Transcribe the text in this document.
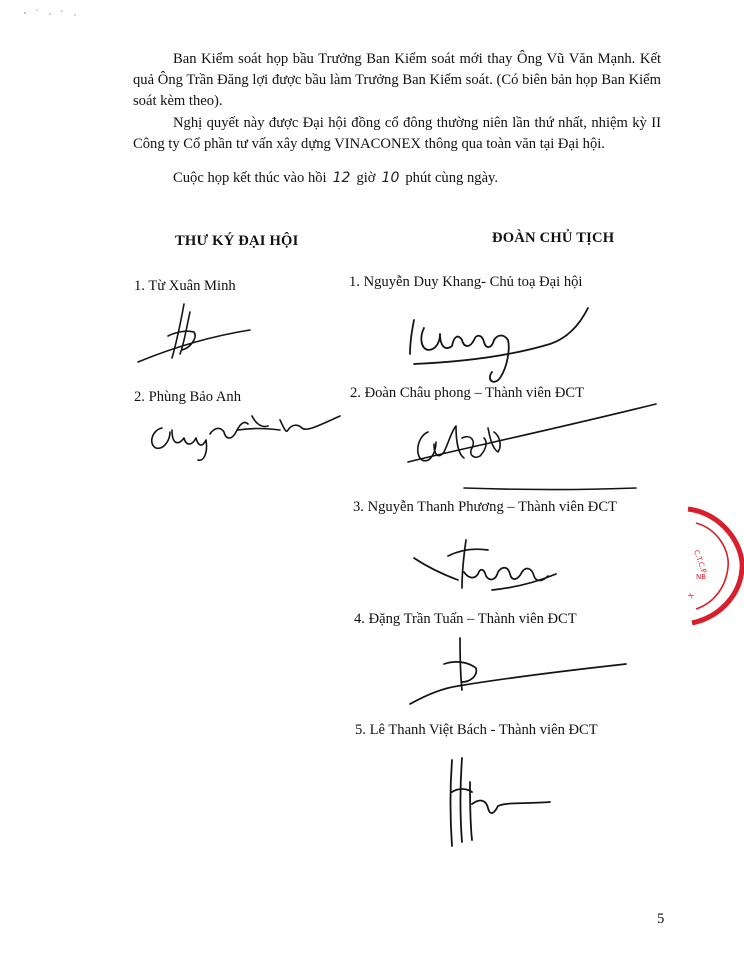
Ban Kiểm soát họp bầu Trưởng Ban Kiểm soát mới thay Ông Vũ Văn Mạnh. Kết quả Ông Trần Đăng lợi được bầu làm Trưởng Ban Kiểm soát. (Có biên bản họp Ban Kiểm soát kèm theo).

Nghị quyết này được Đại hội đồng cổ đông thường niên lần thứ nhất, nhiệm kỳ II Công ty Cổ phần tư vấn xây dựng VINACONEX thông qua toàn văn tại Đại hội.

Cuộc họp kết thúc vào hồi 12 giờ 10 phút cùng ngày.

THƯ KÝ ĐẠI HỘI	ĐOÀN CHỦ TỊCH
1. Từ Xuân Minh
2. Phùng Bảo Anh
1. Nguyễn Duy Khang- Chủ toạ Đại hội
2. Đoàn Châu phong – Thành viên ĐCT
3. Nguyễn Thanh Phương – Thành viên ĐCT
4. Đặng Trần Tuấn – Thành viên ĐCT
5. Lê Thanh Việt Bách - Thành viên ĐCT
C.T.C.P
NB
X
5
